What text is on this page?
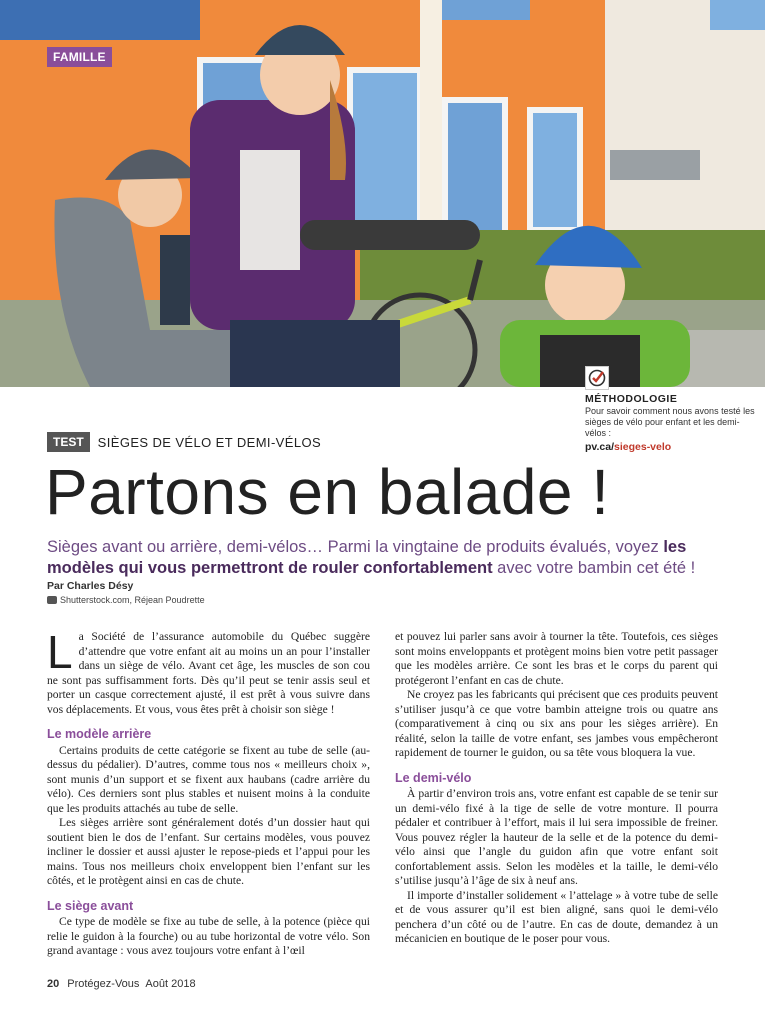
FAMILLE
MÉTHODOLOGIE
Pour savoir comment nous avons testé les sièges de vélo pour enfant et les demi-vélos :
pv.ca/sieges-velo
TEST	SIÈGES DE VÉLO ET DEMI-VÉLOS
Partons en balade !

Sièges avant ou arrière, demi-vélos… Parmi la vingtaine de produits évalués, voyez les modèles qui vous permettront de rouler confortablement avec votre bambin cet été !

Par Charles Désy
Shutterstock.com, Réjean Poudrette

La Société de l’assurance automobile du Québec suggère d’attendre que votre enfant ait au moins un an pour l’installer dans un siège de vélo. Avant cet âge, les muscles de son cou ne sont pas suffisamment forts. Dès qu’il peut se tenir assis seul et porter un casque correctement ajusté, il est prêt à vous suivre dans vos déplacements. Et vous, vous êtes prêt à choisir son siège !

Le modèle arrière

Certains produits de cette catégorie se fixent au tube de selle (au-dessus du pédalier). D’autres, comme tous nos « meilleurs choix », sont munis d’un support et se fixent aux haubans (cadre arrière du vélo). Ces derniers sont plus stables et nuisent moins à la conduite que les produits attachés au tube de selle.

Les sièges arrière sont généralement dotés d’un dossier haut qui soutient bien le dos de l’enfant. Sur certains modèles, vous pouvez incliner le dossier et aussi ajuster le repose-pieds et l’appui pour les mains. Tous nos meilleurs choix enveloppent bien l’enfant sur les côtés, et le protègent ainsi en cas de chute.

Le siège avant

Ce type de modèle se fixe au tube de selle, à la potence (pièce qui relie le guidon à la fourche) ou au tube horizontal de votre vélo. Son grand avantage : vous avez toujours votre enfant à l’œil

et pouvez lui parler sans avoir à tourner la tête. Toutefois, ces sièges sont moins enveloppants et protègent moins bien votre petit passager que les modèles arrière. Ce sont les bras et le corps du parent qui protégeront l’enfant en cas de chute.

Ne croyez pas les fabricants qui précisent que ces produits peuvent s’utiliser jusqu’à ce que votre bambin atteigne trois ou quatre ans (comparativement à cinq ou six ans pour les sièges arrière). En réalité, selon la taille de votre enfant, ses jambes vous empêcheront rapidement de tourner le guidon, ou sa tête vous bloquera la vue.

Le demi-vélo

À partir d’environ trois ans, votre enfant est capable de se tenir sur un demi-vélo fixé à la tige de selle de votre monture. Il pourra pédaler et contribuer à l’effort, mais il lui sera impossible de freiner. Vous pouvez régler la hauteur de la selle et de la potence du demi-vélo ainsi que l’angle du guidon afin que votre enfant soit confortablement assis. Selon les modèles et la taille, le demi-vélo s’utilise jusqu’à l’âge de six à neuf ans.

Il importe d’installer solidement « l’attelage » à votre tube de selle et de vous assurer qu’il est bien aligné, sans quoi le demi-vélo penchera d’un côté ou de l’autre. En cas de doute, demandez à un mécanicien en boutique de le poser pour vous.

20 Protégez-Vous Août 2018
